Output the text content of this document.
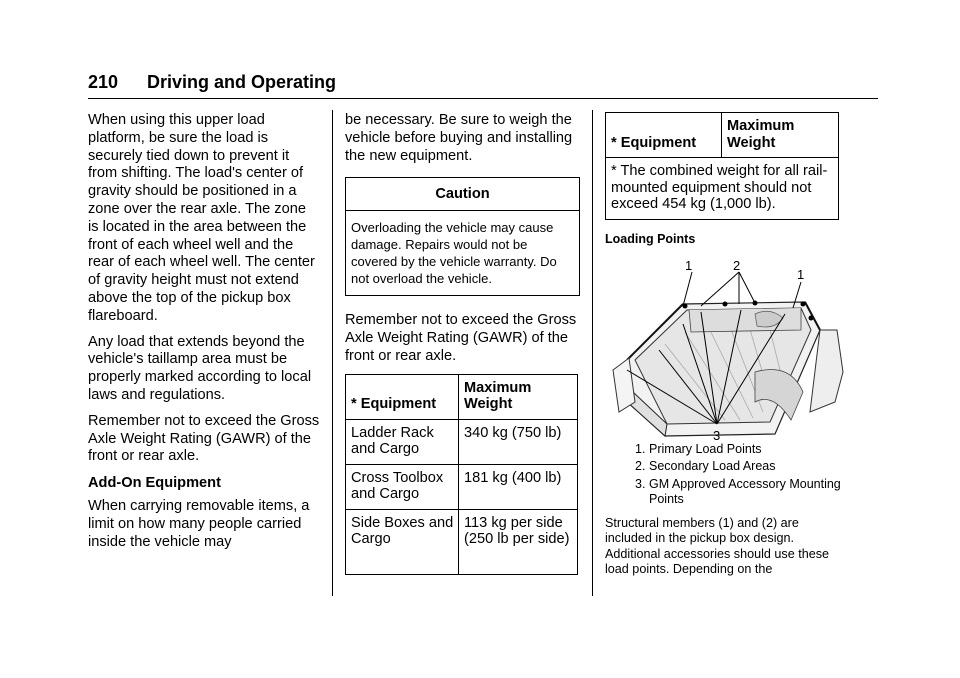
210 Driving and Operating

When using this upper load platform, be sure the load is securely tied down to prevent it from shifting. The load's center of gravity should be positioned in a zone over the rear axle. The zone is located in the area between the front of each wheel well and the rear of each wheel well. The center of gravity height must not extend above the top of the pickup box flareboard.

Any load that extends beyond the vehicle's taillamp area must be properly marked according to local laws and regulations.

Remember not to exceed the Gross Axle Weight Rating (GAWR) of the front or rear axle.

Add-On Equipment

When carrying removable items, a limit on how many people carried inside the vehicle may

be necessary. Be sure to weigh the vehicle before buying and installing the new equipment.

Caution
Overloading the vehicle may cause damage. Repairs would not be covered by the vehicle warranty. Do not overload the vehicle.

Remember not to exceed the Gross Axle Weight Rating (GAWR) of the front or rear axle.

* Equipment	Maximum Weight
Ladder Rack and Cargo	340 kg (750 lb)
Cross Toolbox and Cargo	181 kg (400 lb)
Side Boxes and Cargo	113 kg per side (250 lb per side)
* Equipment	Maximum Weight
* The combined weight for all rail-mounted equipment should not exceed 454 kg (1,000 lb).
Loading Points
1	2
1
3
1. Primary Load Points
2. Secondary Load Areas
3. GM Approved Accessory Mounting Points
Structural members (1) and (2) are included in the pickup box design. Additional accessories should use these load points. Depending on the
